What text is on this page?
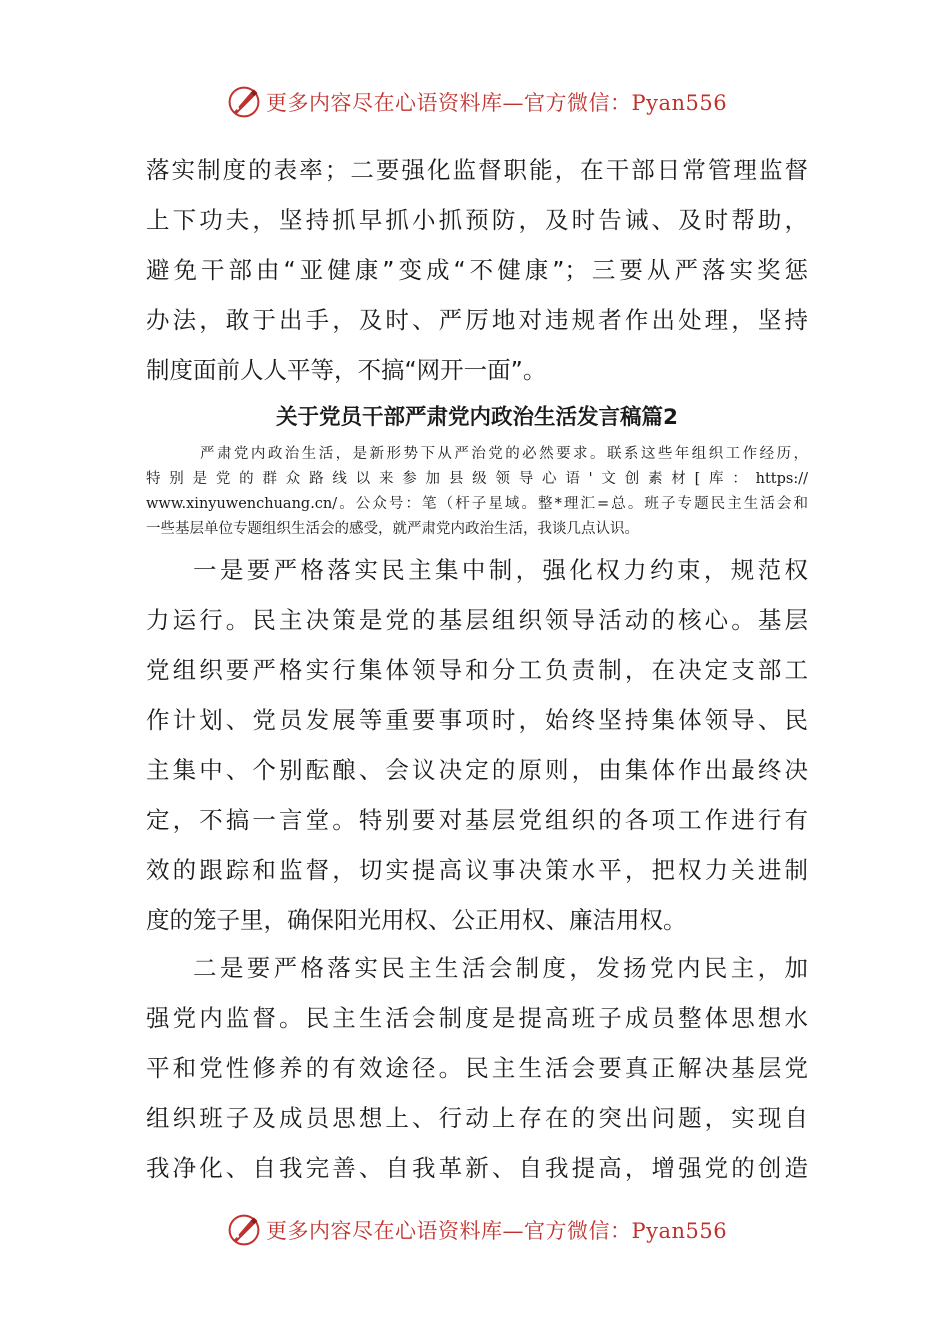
更多内容尽在心语资料库—官方微信：Pyan556
落实制度的表率；二要强化监督职能，在干部日常管理监督
上下功夫，坚持抓早抓小抓预防，及时告诫、及时帮助，
避免干部由“亚健康”变成“不健康”；三要从严落实奖惩
办法，敢于出手，及时、严厉地对违规者作出处理，坚持
制度面前人人平等，不搞“网开一面”。
关于党员干部严肃党内政治生活发言稿篇2
严肃党内政治生活，是新形势下从严治党的必然要求。联系这些年组织工作经历，
特别是党的群众路线以来参加县级领导心语'文创素材[库：https://
www.xinyuwenchuang.cn/。公众号：笔（杆子星域。整*理汇=总。班子专题民主生活会和
一些基层单位专题组织生活会的感受，就严肃党内政治生活，我谈几点认识。
一是要严格落实民主集中制，强化权力约束，规范权
力运行。民主决策是党的基层组织领导活动的核心。基层
党组织要严格实行集体领导和分工负责制，在决定支部工
作计划、党员发展等重要事项时，始终坚持集体领导、民
主集中、个别酝酿、会议决定的原则，由集体作出最终决
定，不搞一言堂。特别要对基层党组织的各项工作进行有
效的跟踪和监督，切实提高议事决策水平，把权力关进制
度的笼子里，确保阳光用权、公正用权、廉洁用权。
二是要严格落实民主生活会制度，发扬党内民主，加
强党内监督。民主生活会制度是提高班子成员整体思想水
平和党性修养的有效途径。民主生活会要真正解决基层党
组织班子及成员思想上、行动上存在的突出问题，实现自
我净化、自我完善、自我革新、自我提高，增强党的创造
更多内容尽在心语资料库—官方微信：Pyan556
